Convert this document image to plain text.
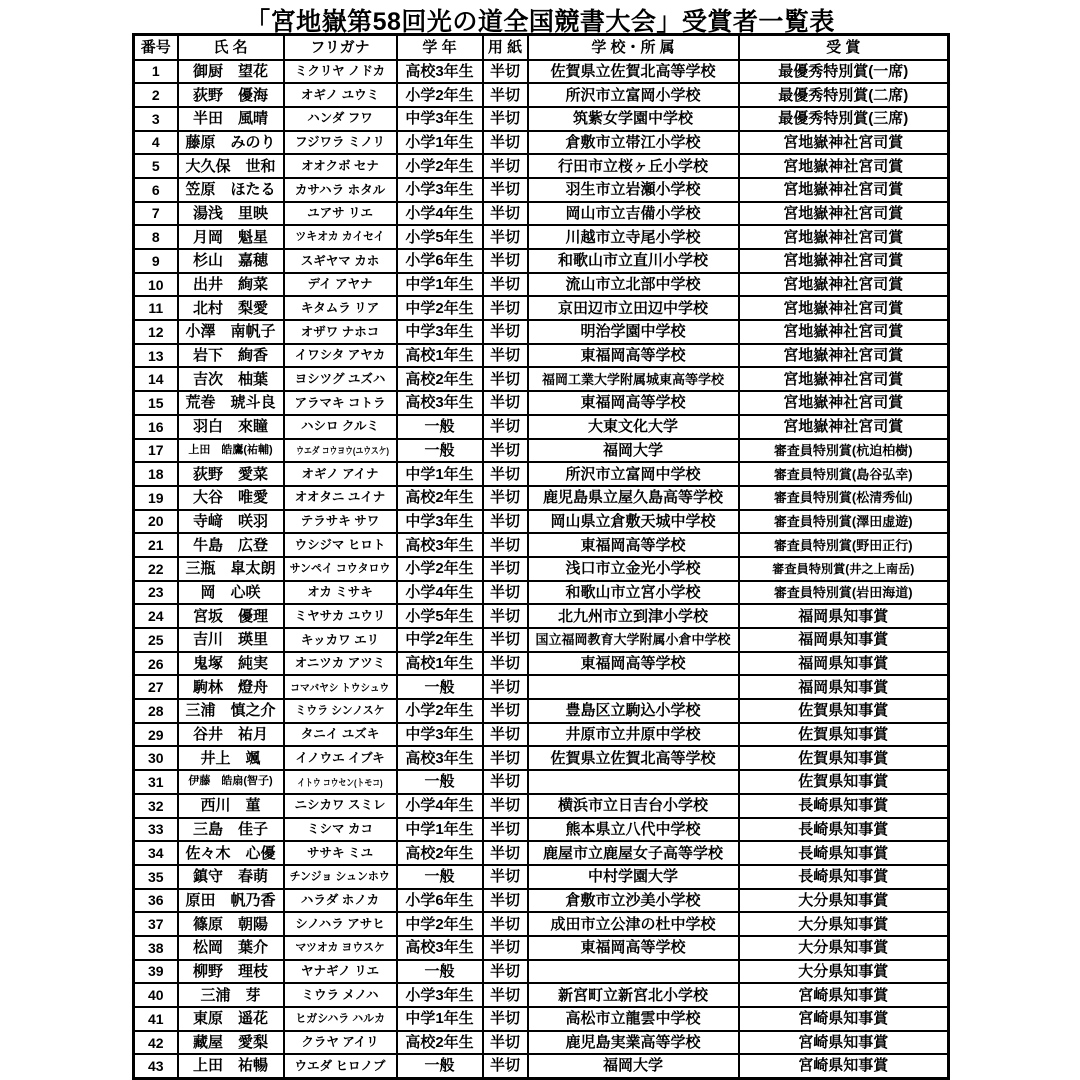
「宮地嶽第58回光の道全国競書大会」受賞者一覧表
番号	氏 名	フリガナ	学 年	用 紙	学 校・所 属	受 賞
1	御厨　望花	ミクリヤ ノドカ	高校3年生	半切	佐賀県立佐賀北高等学校	最優秀特別賞(一席)
2	荻野　優海	オギノ ユウミ	小学2年生	半切	所沢市立富岡小学校	最優秀特別賞(二席)
3	半田　風晴	ハンダ フワ	中学3年生	半切	筑紫女学園中学校	最優秀特別賞(三席)
4	藤原　みのり	フジワラ ミノリ	小学1年生	半切	倉敷市立帯江小学校	宮地嶽神社宮司賞
5	大久保　世和	オオクボ セナ	小学2年生	半切	行田市立桜ヶ丘小学校	宮地嶽神社宮司賞
6	笠原　ほたる	カサハラ ホタル	小学3年生	半切	羽生市立岩瀬小学校	宮地嶽神社宮司賞
7	湯浅　里映	ユアサ リエ	小学4年生	半切	岡山市立吉備小学校	宮地嶽神社宮司賞
8	月岡　魁星	ツキオカ カイセイ	小学5年生	半切	川越市立寺尾小学校	宮地嶽神社宮司賞
9	杉山　嘉穂	スギヤマ カホ	小学6年生	半切	和歌山市立直川小学校	宮地嶽神社宮司賞
10	出井　絢菜	デイ アヤナ	中学1年生	半切	流山市立北部中学校	宮地嶽神社宮司賞
11	北村　梨愛	キタムラ リア	中学2年生	半切	京田辺市立田辺中学校	宮地嶽神社宮司賞
12	小澤　南帆子	オザワ ナホコ	中学3年生	半切	明治学園中学校	宮地嶽神社宮司賞
13	岩下　絢香	イワシタ アヤカ	高校1年生	半切	東福岡高等学校	宮地嶽神社宮司賞
14	吉次　柚葉	ヨシツグ ユズハ	高校2年生	半切	福岡工業大学附属城東高等学校	宮地嶽神社宮司賞
15	荒巻　琥斗良	アラマキ コトラ	高校3年生	半切	東福岡高等学校	宮地嶽神社宮司賞
16	羽白　來瞳	ハシロ クルミ	一般	半切	大東文化大学	宮地嶽神社宮司賞
17	上田　皓鷹(祐輔)	ウエダ コウヨウ(ユウスケ)	一般	半切	福岡大学	審査員特別賞(杭迫柏樹)
18	荻野　愛菜	オギノ アイナ	中学1年生	半切	所沢市立富岡中学校	審査員特別賞(島谷弘幸)
19	大谷　唯愛	オオタニ ユイナ	高校2年生	半切	鹿児島県立屋久島高等学校	審査員特別賞(松清秀仙)
20	寺﨑　咲羽	テラサキ サワ	中学3年生	半切	岡山県立倉敷天城中学校	審査員特別賞(澤田虚遊)
21	牛島　広登	ウシジマ ヒロト	高校3年生	半切	東福岡高等学校	審査員特別賞(野田正行)
22	三瓶　皐太朗	サンペイ コウタロウ	小学2年生	半切	浅口市立金光小学校	審査員特別賞(井之上南岳)
23	岡　心咲	オカ ミサキ	小学4年生	半切	和歌山市立宮小学校	審査員特別賞(岩田海道)
24	宮坂　優理	ミヤサカ ユウリ	小学5年生	半切	北九州市立到津小学校	福岡県知事賞
25	吉川　瑛里	キッカワ エリ	中学2年生	半切	国立福岡教育大学附属小倉中学校	福岡県知事賞
26	鬼塚　純実	オニツカ アツミ	高校1年生	半切	東福岡高等学校	福岡県知事賞
27	駒林　燈舟	コマバヤシ トウシュウ	一般	半切		福岡県知事賞
28	三浦　慎之介	ミウラ シンノスケ	小学2年生	半切	豊島区立駒込小学校	佐賀県知事賞
29	谷井　祐月	タニイ ユズキ	中学3年生	半切	井原市立井原中学校	佐賀県知事賞
30	井上　颯	イノウエ イブキ	高校3年生	半切	佐賀県立佐賀北高等学校	佐賀県知事賞
31	伊藤　皓扇(智子)	イトウ コウセン(トモコ)	一般	半切		佐賀県知事賞
32	西川　菫	ニシカワ スミレ	小学4年生	半切	横浜市立日吉台小学校	長崎県知事賞
33	三島　佳子	ミシマ カコ	中学1年生	半切	熊本県立八代中学校	長崎県知事賞
34	佐々木　心優	ササキ ミユ	高校2年生	半切	鹿屋市立鹿屋女子高等学校	長崎県知事賞
35	鎮守　春萌	チンジョ シュンホウ	一般	半切	中村学園大学	長崎県知事賞
36	原田　帆乃香	ハラダ ホノカ	小学6年生	半切	倉敷市立沙美小学校	大分県知事賞
37	篠原　朝陽	シノハラ アサヒ	中学2年生	半切	成田市立公津の杜中学校	大分県知事賞
38	松岡　葉介	マツオカ ヨウスケ	高校3年生	半切	東福岡高等学校	大分県知事賞
39	柳野　理枝	ヤナギノ リエ	一般	半切		大分県知事賞
40	三浦　芽	ミウラ メノハ	小学3年生	半切	新宮町立新宮北小学校	宮崎県知事賞
41	東原　遥花	ヒガシハラ ハルカ	中学1年生	半切	高松市立龍雲中学校	宮崎県知事賞
42	藏屋　愛梨	クラヤ アイリ	高校2年生	半切	鹿児島実業高等学校	宮崎県知事賞
43	上田　祐暢	ウエダ ヒロノブ	一般	半切	福岡大学	宮崎県知事賞
